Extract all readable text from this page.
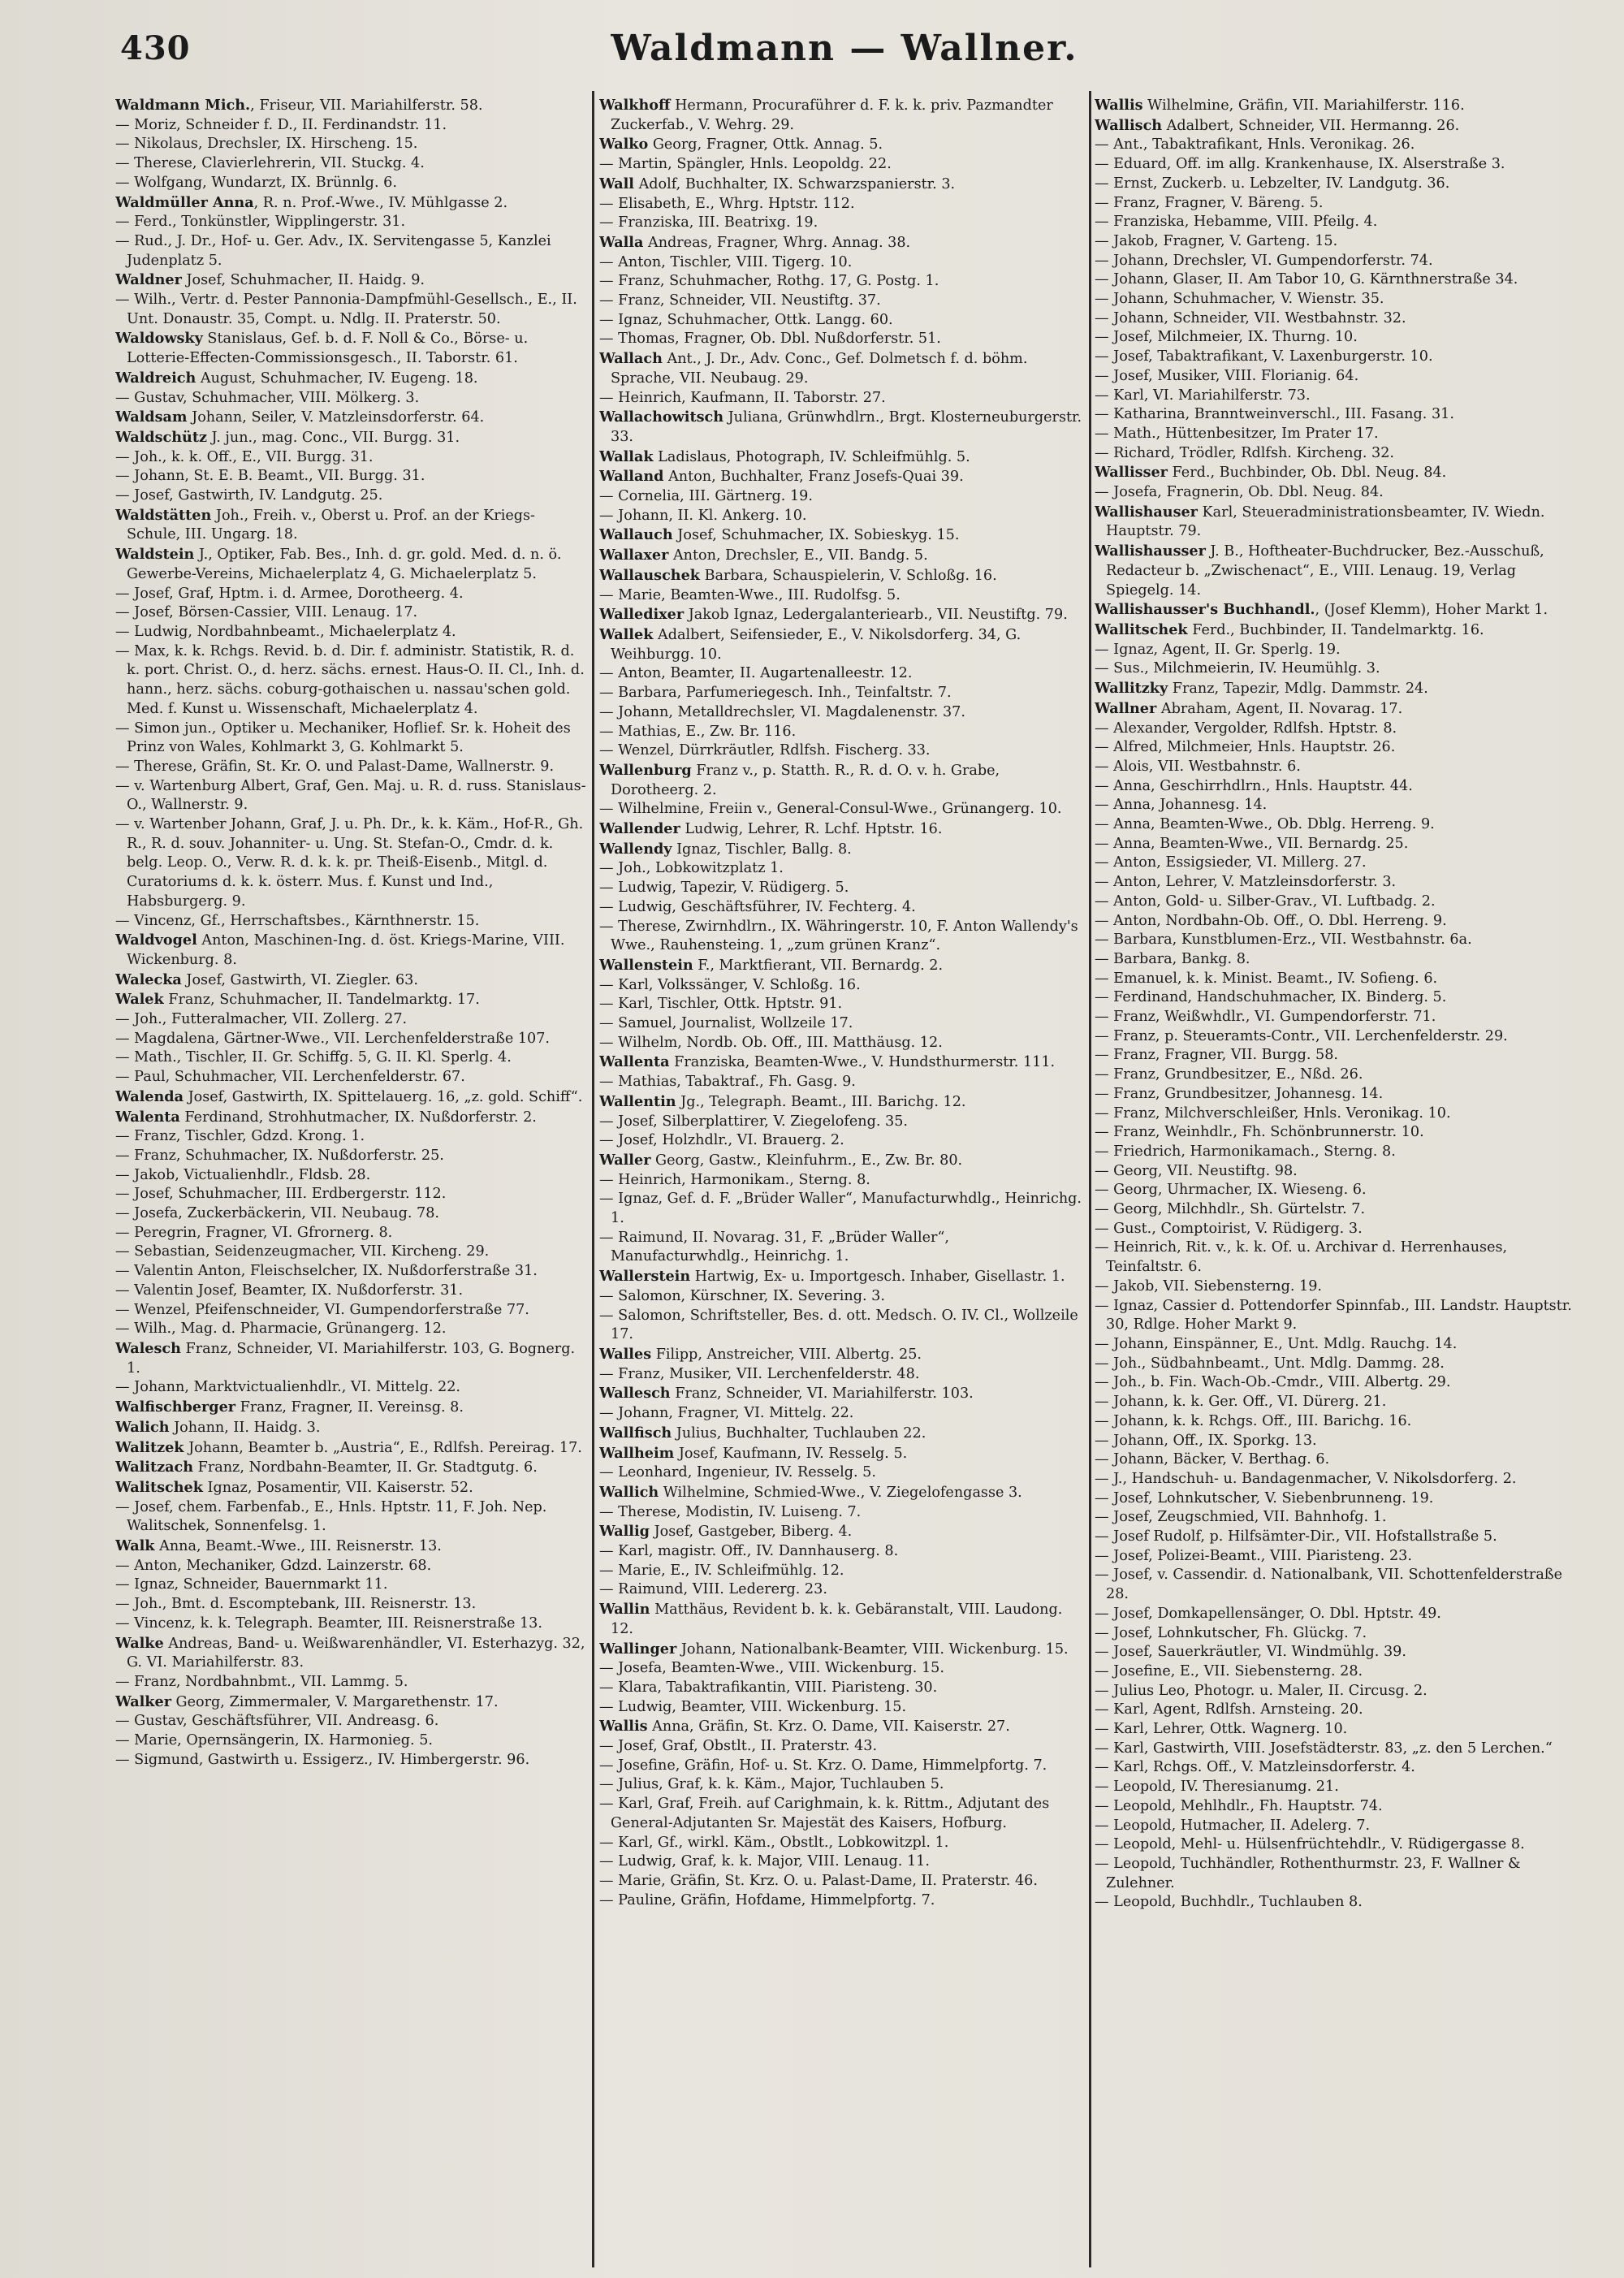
430	Waldmann — Wallner.

Waldmann Mich., Friseur, VII. Mariahilferstr. 58.

— Moriz, Schneider f. D., II. Ferdinandstr. 11.

— Nikolaus, Drechsler, IX. Hirscheng. 15.

— Therese, Clavierlehrerin, VII. Stuckg. 4.

— Wolfgang, Wundarzt, IX. Brünnlg. 6.

Waldmüller Anna, R. n. Prof.-Wwe., IV. Mühlgasse 2.

— Ferd., Tonkünstler, Wipplingerstr. 31.

— Rud., J. Dr., Hof- u. Ger. Adv., IX. Servitengasse 5, Kanzlei Judenplatz 5.

Waldner Josef, Schuhmacher, II. Haidg. 9.

— Wilh., Vertr. d. Pester Pannonia-Dampfmühl-Gesellsch., E., II. Unt. Donaustr. 35, Compt. u. Ndlg. II. Praterstr. 50.

Waldowsky Stanislaus, Gef. b. d. F. Noll & Co., Börse- u. Lotterie-Effecten-Commissionsgesch., II. Taborstr. 61.

Waldreich August, Schuhmacher, IV. Eugeng. 18.

— Gustav, Schuhmacher, VIII. Mölkerg. 3.

Waldsam Johann, Seiler, V. Matzleinsdorferstr. 64.

Waldschütz J. jun., mag. Conc., VII. Burgg. 31.

— Joh., k. k. Off., E., VII. Burgg. 31.

— Johann, St. E. B. Beamt., VII. Burgg. 31.

— Josef, Gastwirth, IV. Landgutg. 25.

Waldstätten Joh., Freih. v., Oberst u. Prof. an der Kriegs-Schule, III. Ungarg. 18.

Waldstein J., Optiker, Fab. Bes., Inh. d. gr. gold. Med. d. n. ö. Gewerbe-Vereins, Michaelerplatz 4, G. Michaelerplatz 5.

— Josef, Graf, Hptm. i. d. Armee, Dorotheerg. 4.

— Josef, Börsen-Cassier, VIII. Lenaug. 17.

— Ludwig, Nordbahnbeamt., Michaelerplatz 4.

— Max, k. k. Rchgs. Revid. b. d. Dir. f. administr. Statistik, R. d. k. port. Christ. O., d. herz. sächs. ernest. Haus-O. II. Cl., Inh. d. hann., herz. sächs. coburg-gothaischen u. nassau'schen gold. Med. f. Kunst u. Wissenschaft, Michaelerplatz 4.

— Simon jun., Optiker u. Mechaniker, Hoflief. Sr. k. Hoheit des Prinz von Wales, Kohlmarkt 3, G. Kohlmarkt 5.

— Therese, Gräfin, St. Kr. O. und Palast-Dame, Wallnerstr. 9.

— v. Wartenburg Albert, Graf, Gen. Maj. u. R. d. russ. Stanislaus-O., Wallnerstr. 9.

— v. Wartenber Johann, Graf, J. u. Ph. Dr., k. k. Käm., Hof-R., Gh. R., R. d. souv. Johanniter- u. Ung. St. Stefan-O., Cmdr. d. k. belg. Leop. O., Verw. R. d. k. k. pr. Theiß-Eisenb., Mitgl. d. Curatoriums d. k. k. österr. Mus. f. Kunst und Ind., Habsburgerg. 9.

— Vincenz, Gf., Herrschaftsbes., Kärnthnerstr. 15.

Waldvogel Anton, Maschinen-Ing. d. öst. Kriegs-Marine, VIII. Wickenburg. 8.

Walecka Josef, Gastwirth, VI. Ziegler. 63.

Walek Franz, Schuhmacher, II. Tandelmarktg. 17.

— Joh., Futteralmacher, VII. Zollerg. 27.

— Magdalena, Gärtner-Wwe., VII. Lerchenfelderstraße 107.

— Math., Tischler, II. Gr. Schiffg. 5, G. II. Kl. Sperlg. 4.

— Paul, Schuhmacher, VII. Lerchenfelderstr. 67.

Walenda Josef, Gastwirth, IX. Spittelauerg. 16, „z. gold. Schiff“.

Walenta Ferdinand, Strohhutmacher, IX. Nußdorferstr. 2.

— Franz, Tischler, Gdzd. Krong. 1.

— Franz, Schuhmacher, IX. Nußdorferstr. 25.

— Jakob, Victualienhdlr., Fldsb. 28.

— Josef, Schuhmacher, III. Erdbergerstr. 112.

— Josefa, Zuckerbäckerin, VII. Neubaug. 78.

— Peregrin, Fragner, VI. Gfrornerg. 8.

— Sebastian, Seidenzeugmacher, VII. Kircheng. 29.

— Valentin Anton, Fleischselcher, IX. Nußdorferstraße 31.

— Valentin Josef, Beamter, IX. Nußdorferstr. 31.

— Wenzel, Pfeifenschneider, VI. Gumpendorferstraße 77.

— Wilh., Mag. d. Pharmacie, Grünangerg. 12.

Walesch Franz, Schneider, VI. Mariahilferstr. 103, G. Bognerg. 1.

— Johann, Marktvictualienhdlr., VI. Mittelg. 22.

Walfischberger Franz, Fragner, II. Vereinsg. 8.

Walich Johann, II. Haidg. 3.

Walitzek Johann, Beamter b. „Austria“, E., Rdlfsh. Pereirag. 17.

Walitzach Franz, Nordbahn-Beamter, II. Gr. Stadtgutg. 6.

Walitschek Ignaz, Posamentir, VII. Kaiserstr. 52.

— Josef, chem. Farbenfab., E., Hnls. Hptstr. 11, F. Joh. Nep. Walitschek, Sonnenfelsg. 1.

Walk Anna, Beamt.-Wwe., III. Reisnerstr. 13.

— Anton, Mechaniker, Gdzd. Lainzerstr. 68.

— Ignaz, Schneider, Bauernmarkt 11.

— Joh., Bmt. d. Escomptebank, III. Reisnerstr. 13.

— Vincenz, k. k. Telegraph. Beamter, III. Reisnerstraße 13.

Walke Andreas, Band- u. Weißwarenhändler, VI. Esterhazyg. 32, G. VI. Mariahilferstr. 83.

— Franz, Nordbahnbmt., VII. Lammg. 5.

Walker Georg, Zimmermaler, V. Margarethenstr. 17.

— Gustav, Geschäftsführer, VII. Andreasg. 6.

— Marie, Opernsängerin, IX. Harmonieg. 5.

— Sigmund, Gastwirth u. Essigerz., IV. Himbergerstr. 96.

Walkhoff Hermann, Procuraführer d. F. k. k. priv. Pazmandter Zuckerfab., V. Wehrg. 29.

Walko Georg, Fragner, Ottk. Annag. 5.

— Martin, Spängler, Hnls. Leopoldg. 22.

Wall Adolf, Buchhalter, IX. Schwarzspanierstr. 3.

— Elisabeth, E., Whrg. Hptstr. 112.

— Franziska, III. Beatrixg. 19.

Walla Andreas, Fragner, Whrg. Annag. 38.

— Anton, Tischler, VIII. Tigerg. 10.

— Franz, Schuhmacher, Rothg. 17, G. Postg. 1.

— Franz, Schneider, VII. Neustiftg. 37.

— Ignaz, Schuhmacher, Ottk. Langg. 60.

— Thomas, Fragner, Ob. Dbl. Nußdorferstr. 51.

Wallach Ant., J. Dr., Adv. Conc., Gef. Dolmetsch f. d. böhm. Sprache, VII. Neubaug. 29.

— Heinrich, Kaufmann, II. Taborstr. 27.

Wallachowitsch Juliana, Grünwhdlrn., Brgt. Klosterneuburgerstr. 33.

Wallak Ladislaus, Photograph, IV. Schleifmühlg. 5.

Walland Anton, Buchhalter, Franz Josefs-Quai 39.

— Cornelia, III. Gärtnerg. 19.

— Johann, II. Kl. Ankerg. 10.

Wallauch Josef, Schuhmacher, IX. Sobieskyg. 15.

Wallaxer Anton, Drechsler, E., VII. Bandg. 5.

Wallauschek Barbara, Schauspielerin, V. Schloßg. 16.

— Marie, Beamten-Wwe., III. Rudolfsg. 5.

Walledixer Jakob Ignaz, Ledergalanteriearb., VII. Neustiftg. 79.

Wallek Adalbert, Seifensieder, E., V. Nikolsdorferg. 34, G. Weihburgg. 10.

— Anton, Beamter, II. Augartenalleestr. 12.

— Barbara, Parfumeriegesch. Inh., Teinfaltstr. 7.

— Johann, Metalldrechsler, VI. Magdalenenstr. 37.

— Mathias, E., Zw. Br. 116.

— Wenzel, Dürrkräutler, Rdlfsh. Fischerg. 33.

Wallenburg Franz v., p. Statth. R., R. d. O. v. h. Grabe, Dorotheerg. 2.

— Wilhelmine, Freiin v., General-Consul-Wwe., Grünangerg. 10.

Wallender Ludwig, Lehrer, R. Lchf. Hptstr. 16.

Wallendy Ignaz, Tischler, Ballg. 8.

— Joh., Lobkowitzplatz 1.

— Ludwig, Tapezir, V. Rüdigerg. 5.

— Ludwig, Geschäftsführer, IV. Fechterg. 4.

— Therese, Zwirnhdlrn., IX. Währingerstr. 10, F. Anton Wallendy's Wwe., Rauhensteing. 1, „zum grünen Kranz“.

Wallenstein F., Marktfierant, VII. Bernardg. 2.

— Karl, Volkssänger, V. Schloßg. 16.

— Karl, Tischler, Ottk. Hptstr. 91.

— Samuel, Journalist, Wollzeile 17.

— Wilhelm, Nordb. Ob. Off., III. Matthäusg. 12.

Wallenta Franziska, Beamten-Wwe., V. Hundsthurmerstr. 111.

— Mathias, Tabaktraf., Fh. Gasg. 9.

Wallentin Jg., Telegraph. Beamt., III. Barichg. 12.

— Josef, Silberplattirer, V. Ziegelofeng. 35.

— Josef, Holzhdlr., VI. Brauerg. 2.

Waller Georg, Gastw., Kleinfuhrm., E., Zw. Br. 80.

— Heinrich, Harmonikam., Sterng. 8.

— Ignaz, Gef. d. F. „Brüder Waller“, Manufacturwhdlg., Heinrichg. 1.

— Raimund, II. Novarag. 31, F. „Brüder Waller“, Manufacturwhdlg., Heinrichg. 1.

Wallerstein Hartwig, Ex- u. Importgesch. Inhaber, Gisellastr. 1.

— Salomon, Kürschner, IX. Severing. 3.

— Salomon, Schriftsteller, Bes. d. ott. Medsch. O. IV. Cl., Wollzeile 17.

Walles Filipp, Anstreicher, VIII. Albertg. 25.

— Franz, Musiker, VII. Lerchenfelderstr. 48.

Wallesch Franz, Schneider, VI. Mariahilferstr. 103.

— Johann, Fragner, VI. Mittelg. 22.

Wallfisch Julius, Buchhalter, Tuchlauben 22.

Wallheim Josef, Kaufmann, IV. Resselg. 5.

— Leonhard, Ingenieur, IV. Resselg. 5.

Wallich Wilhelmine, Schmied-Wwe., V. Ziegelofengasse 3.

— Therese, Modistin, IV. Luiseng. 7.

Wallig Josef, Gastgeber, Biberg. 4.

— Karl, magistr. Off., IV. Dannhauserg. 8.

— Marie, E., IV. Schleifmühlg. 12.

— Raimund, VIII. Ledererg. 23.

Wallin Matthäus, Revident b. k. k. Gebäranstalt, VIII. Laudong. 12.

Wallinger Johann, Nationalbank-Beamter, VIII. Wickenburg. 15.

— Josefa, Beamten-Wwe., VIII. Wickenburg. 15.

— Klara, Tabaktrafikantin, VIII. Piaristeng. 30.

— Ludwig, Beamter, VIII. Wickenburg. 15.

Wallis Anna, Gräfin, St. Krz. O. Dame, VII. Kaiserstr. 27.

— Josef, Graf, Obstlt., II. Praterstr. 43.

— Josefine, Gräfin, Hof- u. St. Krz. O. Dame, Himmelpfortg. 7.

— Julius, Graf, k. k. Käm., Major, Tuchlauben 5.

— Karl, Graf, Freih. auf Carighmain, k. k. Rittm., Adjutant des General-Adjutanten Sr. Majestät des Kaisers, Hofburg.

— Karl, Gf., wirkl. Käm., Obstlt., Lobkowitzpl. 1.

— Ludwig, Graf, k. k. Major, VIII. Lenaug. 11.

— Marie, Gräfin, St. Krz. O. u. Palast-Dame, II. Praterstr. 46.

— Pauline, Gräfin, Hofdame, Himmelpfortg. 7.

Wallis Wilhelmine, Gräfin, VII. Mariahilferstr. 116.

Wallisch Adalbert, Schneider, VII. Hermanng. 26.

— Ant., Tabaktrafikant, Hnls. Veronikag. 26.

— Eduard, Off. im allg. Krankenhause, IX. Alserstraße 3.

— Ernst, Zuckerb. u. Lebzelter, IV. Landgutg. 36.

— Franz, Fragner, V. Bäreng. 5.

— Franziska, Hebamme, VIII. Pfeilg. 4.

— Jakob, Fragner, V. Garteng. 15.

— Johann, Drechsler, VI. Gumpendorferstr. 74.

— Johann, Glaser, II. Am Tabor 10, G. Kärnthnerstraße 34.

— Johann, Schuhmacher, V. Wienstr. 35.

— Johann, Schneider, VII. Westbahnstr. 32.

— Josef, Milchmeier, IX. Thurng. 10.

— Josef, Tabaktrafikant, V. Laxenburgerstr. 10.

— Josef, Musiker, VIII. Florianig. 64.

— Karl, VI. Mariahilferstr. 73.

— Katharina, Branntweinverschl., III. Fasang. 31.

— Math., Hüttenbesitzer, Im Prater 17.

— Richard, Trödler, Rdlfsh. Kircheng. 32.

Wallisser Ferd., Buchbinder, Ob. Dbl. Neug. 84.

— Josefa, Fragnerin, Ob. Dbl. Neug. 84.

Wallishauser Karl, Steueradministrationsbeamter, IV. Wiedn. Hauptstr. 79.

Wallishausser J. B., Hoftheater-Buchdrucker, Bez.-Ausschuß, Redacteur b. „Zwischenact“, E., VIII. Lenaug. 19, Verlag Spiegelg. 14.

Wallishausser's Buchhandl., (Josef Klemm), Hoher Markt 1.

Wallitschek Ferd., Buchbinder, II. Tandelmarktg. 16.

— Ignaz, Agent, II. Gr. Sperlg. 19.

— Sus., Milchmeierin, IV. Heumühlg. 3.

Wallitzky Franz, Tapezir, Mdlg. Dammstr. 24.

Wallner Abraham, Agent, II. Novarag. 17.

— Alexander, Vergolder, Rdlfsh. Hptstr. 8.

— Alfred, Milchmeier, Hnls. Hauptstr. 26.

— Alois, VII. Westbahnstr. 6.

— Anna, Geschirrhdlrn., Hnls. Hauptstr. 44.

— Anna, Johannesg. 14.

— Anna, Beamten-Wwe., Ob. Dblg. Herreng. 9.

— Anna, Beamten-Wwe., VII. Bernardg. 25.

— Anton, Essigsieder, VI. Millerg. 27.

— Anton, Lehrer, V. Matzleinsdorferstr. 3.

— Anton, Gold- u. Silber-Grav., VI. Luftbadg. 2.

— Anton, Nordbahn-Ob. Off., O. Dbl. Herreng. 9.

— Barbara, Kunstblumen-Erz., VII. Westbahnstr. 6a.

— Barbara, Bankg. 8.

— Emanuel, k. k. Minist. Beamt., IV. Sofieng. 6.

— Ferdinand, Handschuhmacher, IX. Binderg. 5.

— Franz, Weißwhdlr., VI. Gumpendorferstr. 71.

— Franz, p. Steueramts-Contr., VII. Lerchenfelderstr. 29.

— Franz, Fragner, VII. Burgg. 58.

— Franz, Grundbesitzer, E., Nßd. 26.

— Franz, Grundbesitzer, Johannesg. 14.

— Franz, Milchverschleißer, Hnls. Veronikag. 10.

— Franz, Weinhdlr., Fh. Schönbrunnerstr. 10.

— Friedrich, Harmonikamach., Sterng. 8.

— Georg, VII. Neustiftg. 98.

— Georg, Uhrmacher, IX. Wieseng. 6.

— Georg, Milchhdlr., Sh. Gürtelstr. 7.

— Gust., Comptoirist, V. Rüdigerg. 3.

— Heinrich, Rit. v., k. k. Of. u. Archivar d. Herrenhauses, Teinfaltstr. 6.

— Jakob, VII. Siebensterng. 19.

— Ignaz, Cassier d. Pottendorfer Spinnfab., III. Landstr. Hauptstr. 30, Rdlge. Hoher Markt 9.

— Johann, Einspänner, E., Unt. Mdlg. Rauchg. 14.

— Joh., Südbahnbeamt., Unt. Mdlg. Dammg. 28.

— Joh., b. Fin. Wach-Ob.-Cmdr., VIII. Albertg. 29.

— Johann, k. k. Ger. Off., VI. Dürerg. 21.

— Johann, k. k. Rchgs. Off., III. Barichg. 16.

— Johann, Off., IX. Sporkg. 13.

— Johann, Bäcker, V. Berthag. 6.

— J., Handschuh- u. Bandagenmacher, V. Nikolsdorferg. 2.

— Josef, Lohnkutscher, V. Siebenbrunneng. 19.

— Josef, Zeugschmied, VII. Bahnhofg. 1.

— Josef Rudolf, p. Hilfsämter-Dir., VII. Hofstallstraße 5.

— Josef, Polizei-Beamt., VIII. Piaristeng. 23.

— Josef, v. Cassendir. d. Nationalbank, VII. Schottenfelderstraße 28.

— Josef, Domkapellensänger, O. Dbl. Hptstr. 49.

— Josef, Lohnkutscher, Fh. Glückg. 7.

— Josef, Sauerkräutler, VI. Windmühlg. 39.

— Josefine, E., VII. Siebensterng. 28.

— Julius Leo, Photogr. u. Maler, II. Circusg. 2.

— Karl, Agent, Rdlfsh. Arnsteing. 20.

— Karl, Lehrer, Ottk. Wagnerg. 10.

— Karl, Gastwirth, VIII. Josefstädterstr. 83, „z. den 5 Lerchen.“

— Karl, Rchgs. Off., V. Matzleinsdorferstr. 4.

— Leopold, IV. Theresianumg. 21.

— Leopold, Mehlhdlr., Fh. Hauptstr. 74.

— Leopold, Hutmacher, II. Adelerg. 7.

— Leopold, Mehl- u. Hülsenfrüchtehdlr., V. Rüdigergasse 8.

— Leopold, Tuchhändler, Rothenthurmstr. 23, F. Wallner & Zulehner.

— Leopold, Buchhdlr., Tuchlauben 8.
